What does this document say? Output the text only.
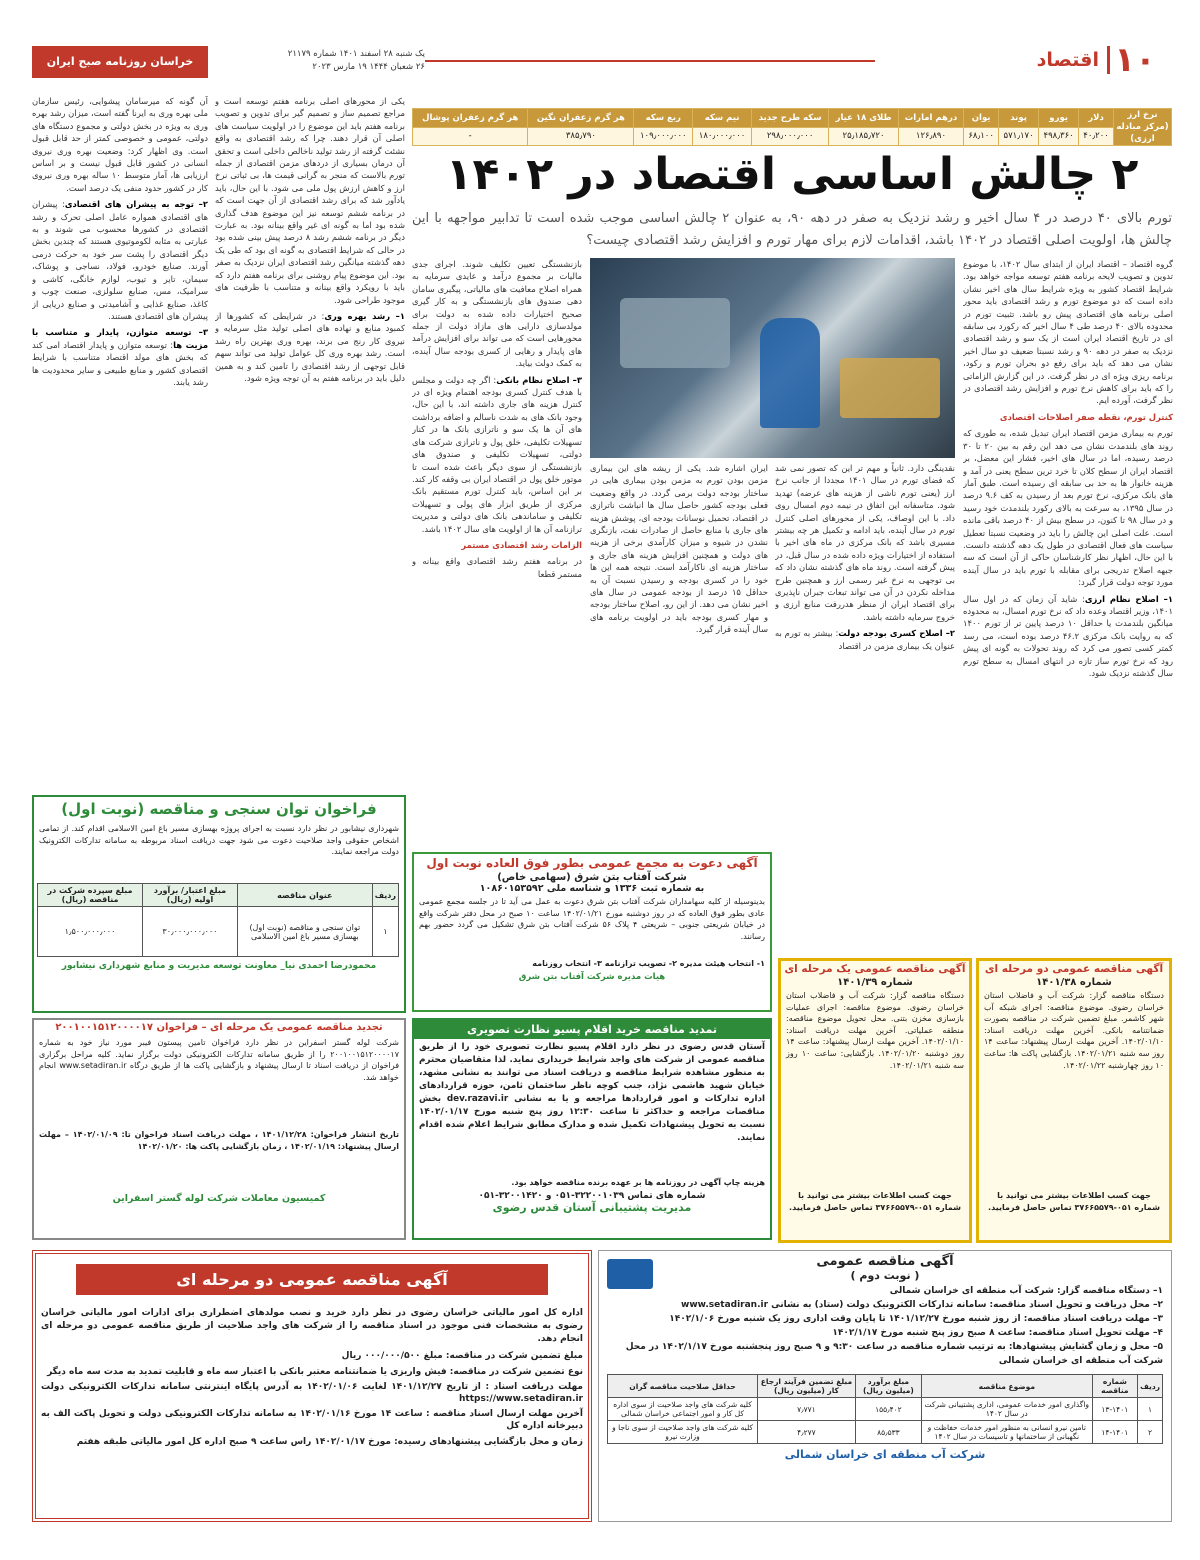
۱۰
اقتصاد
یک شنبه ۲۸ اسفند ۱۴۰۱ شماره ۲۱۱۷۹
۲۶ شعبان ۱۴۴۴ ۱۹ مارس ۲۰۲۳
خراسان روزنامه صبح ایران
نرخ ارز (مرکز مبادله ارزی)	دلار	یورو	پوند	یوان	درهم امارات	طلای ۱۸ عیار	سکه طرح جدید	نیم سکه	ربع سکه	هر گرم زعفران نگین	هر گرم زعفران پوشال
	۴۰٫۲۰۰	۴۹۸٫۳۶۰	۵۷۱٫۱۷۰	۶۸٫۱۰۰	۱۲۶٫۸۹۰	۲۵٫۱۸۵٫۷۲۰	۲۹۸٫۰۰۰٫۰۰۰	۱۸۰٫۰۰۰٫۰۰۰	۱۰۹٫۰۰۰٫۰۰۰	۳۸۵٫۷۹۰	-
۲ چالش اساسی اقتصاد در ۱۴۰۲
تورم بالای ۴۰ درصد در ۴ سال اخیر و رشد نزدیک به صفر در دهه ۹۰، به عنوان ۲ چالش اساسی موجب شده است تا تدابیر مواجهه با این چالش ها، اولویت اصلی اقتصاد در ۱۴۰۲ باشد، اقدامات لازم برای مهار تورم و افزایش رشد اقتصادی چیست؟

گروه اقتصاد – اقتصاد ایران از ابتدای سال ۱۴۰۲، با موضوع تدوین و تصویب لایحه برنامه هفتم توسعه مواجه خواهد بود. شرایط اقتصاد کشور به ویژه شرایط سال های اخیر نشان داده است که دو موضوع تورم و رشد اقتصادی باید محور اصلی برنامه های اقتصادی پیش رو باشد. تثبیت تورم در محدوده بالای ۴۰ درصد طی ۴ سال اخیر که رکورد بی سابقه ای در تاریخ اقتصاد ایران است از یک سو و رشد اقتصادی نزدیک به صفر در دهه ۹۰ و رشد نسبتا ضعیف دو سال اخیر نشان می دهد که باید برای رفع دو بحران تورم و رکود، برنامه ریزی ویژه ای در نظر گرفت. در این گزارش الزاماتی را که باید برای کاهش نرخ تورم و افزایش رشد اقتصادی در نظر گرفت، آورده ایم.

کنترل تورم، نقطه صفر اصلاحات اقتصادی

تورم به بیماری مزمن اقتصاد ایران تبدیل شده، به طوری که روند های بلندمدت نشان می دهد این رقم به بین ۲۰ تا ۳۰ درصد رسیده، اما در سال های اخیر، فشار این معضل، بر اقتصاد ایران از سطح کلان تا خرد ترین سطح یعنی در آمد و هزینه خانوار ها به حد بی سابقه ای رسیده است. طبق آمار های بانک مرکزی، نرخ تورم بعد از رسیدن به کف ۹.۶ درصد در سال ۱۳۹۵، به سرعت به بالای رکورد بلندمدت خود رسید و در سال ۹۸ تا کنون، در سطح بیش از ۴۰ درصد باقی مانده است. علت اصلی این چالش را باید در وضعیت نسبتا تعطیل سیاست های فعال اقتصادی در طول یک دهه گذشته دانست. با این حال، اظهار نظر کارشناسان حاکی از آن است که سه جبهه اصلاح تدریجی برای مقابله با تورم باید در سال آینده مورد توجه دولت قرار گیرد:

۱– اصلاح نظام ارزی: شاید آن زمان که در اول سال ۱۴۰۱، وزیر اقتصاد وعده داد که نرخ تورم امسال، به محدوده میانگین بلندمدت یا حداقل ۱۰ درصد پایین تر از تورم ۱۴۰۰ که به روایت بانک مرکزی ۴۶.۲ درصد بوده است، می رسد کمتر کسی تصور می کرد که روند تحولات به گونه ای پیش رود که نرخ تورم ساز تازه در انتهای امسال به سطح تورم سال گذشته نزدیک شود.

نقدینگی دارد. ثانیاً و مهم تر این که تصور نمی شد که فضای تورم در سال ۱۴۰۱ مجددا از جانب نرخ ارز (یعنی تورم ناشی از هزینه های عرضه) تهدید شود. متاسفانه این اتفاق در نیمه دوم امسال روی داد. با این اوصاف، یکی از محورهای اصلی کنترل تورم در سال آینده، باید ادامه و تکمیل هر چه بیشتر مسیری باشد که بانک مرکزی در ماه های اخیر با استفاده از اختیارات ویژه داده شده در سال قبل، در پیش گرفته است. روند ماه های گذشته نشان داد که بی توجهی به نرخ غیر رسمی ارز و همچنین طرح مداخله نکردن در آن می تواند تبعات جبران ناپذیری برای اقتصاد ایران از منظر هدررفت منابع ارزی و خروج سرمایه داشته باشد.

۲– اصلاح کسری بودجه دولت: بیشتر به تورم به عنوان یک بیماری مزمن در اقتصاد

ایران اشاره شد. یکی از ریشه های این بیماری مزمن بودن تورم به مزمن بودن بیماری هایی در ساختار بودجه دولت برمی گردد. در واقع وضعیت فعلی بودجه کشور حاصل سال ها انباشت ناترازی در اقتصاد، تحمیل نوسانات بودجه ای، پوشش هزینه های جاری با منابع حاصل از صادرات نفت، بازنگری نشدن در شیوه و میزان کارآمدی برخی از هزینه های دولت و همچنین افزایش هزینه های جاری و ساختار هزینه ای ناکارآمد است. نتیجه همه این ها خود را در کسری بودجه و رسیدن نسبت آن به حداقل ۱۵ درصد از بودجه عمومی در سال های اخیر نشان می دهد. از این رو، اصلاح ساختار بودجه و مهار کسری بودجه باید در اولویت برنامه های سال آینده قرار گیرد.

بازنشستگی تعیین تکلیف شوند. اجرای جدی مالیات بر مجموع درآمد و عایدی سرمایه به همراه اصلاح معافیت های مالیاتی، پیگیری سامان دهی صندوق های بازنشستگی و به کار گیری صحیح اختیارات داده شده به دولت برای مولدسازی دارایی های مازاد دولت از جمله محورهایی است که می تواند برای افزایش درآمد های پایدار و رهایی از کسری بودجه سال آینده، به کمک دولت بیاید.

۳– اصلاح نظام بانکی: اگر چه دولت و مجلس با هدف کنترل کسری بودجه اهتمام ویژه ای در کنترل هزینه های جاری داشته اند، با این حال، وجود بانک های به شدت ناسالم و اضافه برداشت های آن ها یک سو و ناترازی بانک ها در کنار تسهیلات تکلیفی، خلق پول و ناترازی شرکت های دولتی، تسهیلات تکلیفی و صندوق های بازنشستگی از سوی دیگر باعث شده است تا موتور خلق پول در اقتصاد ایران بی وقفه کار کند. بر این اساس، باید کنترل تورم مستقیم بانک مرکزی از طریق ابزار های پولی و تسهیلات تکلیفی و ساماندهی بانک های دولتی و مدیریت ترازنامه آن ها از اولویت های سال ۱۴۰۲ باشد.

الزامات رشد اقتصادی مستمر

در برنامه هفتم رشد اقتصادی واقع بینانه و مستمر قطعا

یکی از محورهای اصلی برنامه هفتم توسعه است و مراجع تصمیم ساز و تصمیم گیر برای تدوین و تصویب برنامه هفتم باید این موضوع را در اولویت سیاست های اصلی آن قرار دهند. چرا که رشد اقتصادی به واقع نشئت گرفته از رشد تولید ناخالص داخلی است و تحقق آن درمان بسیاری از دردهای مزمن اقتصادی از جمله تورم بالاست که منجر به گرانی قیمت ها، بی ثباتی نرخ ارز و کاهش ارزش پول ملی می شود. با این حال، باید یادآور شد که برای رشد اقتصادی از آن جهت است که در برنامه ششم توسعه نیز این موضوع هدف گذاری شده بود اما به گونه ای غیر واقع بینانه بود. به عبارت دیگر در برنامه ششم رشد ۸ درصد پیش بینی شده بود در حالی که شرایط اقتصادی به گونه ای بود که طی یک دهه گذشته میانگین رشد اقتصادی ایران نزدیک به صفر بود. این موضوع پیام روشنی برای برنامه هفتم دارد که باید با رویکرد واقع بینانه و متناسب با ظرفیت های موجود طراحی شود.

۱– رشد بهره وری: در شرایطی که کشورها از کمبود منابع و نهاده های اصلی تولید مثل سرمایه و نیروی کار رنج می برند، بهره وری بهترین راه رشد است. رشد بهره وری کل عوامل تولید می تواند سهم قابل توجهی از رشد اقتصادی را تامین کند و به همین دلیل باید در برنامه هفتم به آن توجه ویژه شود.

آن گونه که میرسامان پیشوایی، رئیس سازمان ملی بهره وری به ایرنا گفته است، میزان رشد بهره وری به ویژه در بخش دولتی و مجموع دستگاه های دولتی، عمومی و خصوصی کمتر از حد قابل قبول است. وی اظهار کرد: وضعیت بهره وری نیروی انسانی در کشور قابل قبول نیست و بر اساس ارزیابی ها، آمار متوسط ۱۰ ساله بهره وری نیروی کار در کشور حدود منفی یک درصد است.

۲– توجه به پیشران های اقتصادی: پیشران های اقتصادی همواره عامل اصلی تحرک و رشد اقتصادی در کشورها محسوب می شوند و به عبارتی به مثابه لکوموتیوی هستند که چندین بخش دیگر اقتصادی را پشت سر خود به حرکت درمی آورند. صنایع خودرو، فولاد، نساجی و پوشاک، سیمان، تایر و تیوب، لوازم خانگی، کاشی و سرامیک، مس، صنایع سلولزی، صنعت چوب و کاغذ، صنایع غذایی و آشامیدنی و صنایع دریایی از پیشران های اقتصادی هستند.

۳– توسعه متوازن، پایدار و متناسب با مزیت ها: توسعه متوازن و پایدار اقتصاد امی کند که بخش های مولد اقتصاد متناسب با شرایط اقتصادی کشور و منابع طبیعی و سایر محدودیت ها رشد یابند.

فراخوان توان سنجی و مناقصه (نوبت اول)
شهرداری نیشابور در نظر دارد نسبت به اجرای پروژه بهسازی مسیر باغ امین الاسلامی اقدام کند. از تمامی اشخاص حقوقی واجد صلاحیت دعوت می شود جهت دریافت اسناد مربوطه به سامانه تدارکات الکترونیک دولت مراجعه نمایند.
ردیف	عنوان مناقصه	مبلغ اعتبار/ برآورد اولیه (ریال)	مبلغ سپرده شرکت در مناقصه (ریال)
۱	توان سنجی و مناقصه (نوبت اول) بهسازی مسیر باغ امین الاسلامی	۳۰٫۰۰۰٫۰۰۰٫۰۰۰	۱٫۵۰۰٫۰۰۰٫۰۰۰
محمودرضا احمدی نیا_ معاونت توسعه مدیریت و منابع شهرداری نیشابور
آگهی دعوت به مجمع عمومی بطور فوق العاده نوبت اول
شرکت آفتاب بتن شرق (سهامی خاص)
به شماره ثبت ۱۳۳۶ و شناسه ملی ۱۰۸۶۰۱۵۳۵۹۲
بدینوسیله از کلیه سهامداران شرکت آفتاب بتن شرق دعوت به عمل می آید تا در جلسه مجمع عمومی عادی بطور فوق العاده که در روز دوشنبه مورخ ۱۴۰۲/۰۱/۲۱ ساعت ۱۰ صبح در محل دفتر شرکت واقع در خیابان شریعتی جنوبی – شریعتی ۴ پلاک ۵۶ شرکت آفتاب بتن شرق تشکیل می گردد حضور بهم رسانند.
۱- انتخاب هیئت مدیره ۲- تصویب ترازنامه ۳- انتخاب روزنامه
هیات مدیره شرکت آفتاب بتن شرق
تمدید مناقصه خرید اقلام پسیو نظارت تصویری
آستان قدس رضوی در نظر دارد اقلام پسیو نظارت تصویری خود را از طریق مناقصه عمومی از شرکت های واجد شرایط خریداری نماید. لذا متقاضیان محترم به منظور مشاهده شرایط مناقصه و دریافت اسناد می توانند به نشانی مشهد، خیابان شهید هاشمی نژاد، جنب کوچه ناظر ساختمان ثامن، حوزه قراردادهای اداره تدارکات و امور قراردادها مراجعه و یا به نشانی dev.razavi.ir بخش مناقصات مراجعه و حداکثر تا ساعت ۱۲:۳۰ روز پنج شنبه مورخ ۱۴۰۲/۰۱/۱۷ نسبت به تحویل پیشنهادات تکمیل شده و مدارک مطابق شرایط اعلام شده اقدام نمایند.
هزینه چاپ آگهی در روزنامه ها بر عهده برنده مناقصه خواهد بود.
شماره های تماس ۳۲۲۰۰۱۰۳۹-۰۵۱ و ۳۲۰۰۱۴۲۰-۰۵۱
مدیریت پشتیبانی آستان قدس رضوی
تجدید مناقصه عمومی یک مرحله ای – فراخوان ۲۰۰۱۰۰۱۵۱۲۰۰۰۰۱۷
شرکت لوله گستر اسفراین در نظر دارد فراخوان تامین پیستون فیبر مورد نیاز خود به شماره ۲۰۰۱۰۰۱۵۱۲۰۰۰۰۱۷ را از طریق سامانه تدارکات الکترونیکی دولت برگزار نماید. کلیه مراحل برگزاری فراخوان از دریافت اسناد تا ارسال پیشنهاد و بازگشایی پاکت ها از طریق درگاه www.setadiran.ir انجام خواهد شد.
تاریخ انتشار فراخوان: ۱۴۰۱/۱۲/۲۸ ، مهلت دریافت اسناد فراخوان تا: ۱۴۰۲/۰۱/۰۹ – مهلت ارسال پیشنهاد: ۱۴۰۲/۰۱/۱۹ ، زمان بازگشایی پاکت ها: ۱۴۰۲/۰۱/۲۰
کمیسیون معاملات شرکت لوله گستر اسفراین
آگهی مناقصه عمومی دو مرحله ای
شماره ۱۴۰۱/۳۸
دستگاه مناقصه گزار: شرکت آب و فاضلاب استان خراسان رضوی. موضوع مناقصه: اجرای شبکه آب شهر کاشمر. مبلغ تضمین شرکت در مناقصه بصورت ضمانتنامه بانکی. آخرین مهلت دریافت اسناد: ۱۴۰۲/۰۱/۱۰. آخرین مهلت ارسال پیشنهاد: ساعت ۱۴ روز سه شنبه ۱۴۰۲/۰۱/۲۱. بازگشایی پاکت ها: ساعت ۱۰ روز چهارشنبه ۱۴۰۲/۰۱/۲۲.
جهت کسب اطلاعات بیشتر می توانید با شماره ۰۵۱-۳۷۶۶۵۵۷۹ تماس حاصل فرمایید.
آگهی مناقصه عمومی یک مرحله ای
شماره ۱۴۰۱/۳۹
دستگاه مناقصه گزار: شرکت آب و فاضلاب استان خراسان رضوی. موضوع مناقصه: اجرای عملیات بازسازی مخزن بتنی. محل تحویل موضوع مناقصه: منطقه عملیاتی. آخرین مهلت دریافت اسناد: ۱۴۰۲/۰۱/۱۰. آخرین مهلت ارسال پیشنهاد: ساعت ۱۴ روز دوشنبه ۱۴۰۲/۰۱/۲۰. بازگشایی: ساعت ۱۰ روز سه شنبه ۱۴۰۲/۰۱/۲۱.
جهت کسب اطلاعات بیشتر می توانید با شماره ۰۵۱-۳۷۶۶۵۵۷۹ تماس حاصل فرمایید.
آگهی مناقصه عمومی دو مرحله ای
اداره کل امور مالیاتی خراسان رضوی در نظر دارد خرید و نصب مولدهای اضطراری برای ادارات امور مالیاتی خراسان رضوی به مشخصات فنی موجود در اسناد مناقصه را از شرکت های واجد صلاحیت از طریق مناقصه عمومی دو مرحله ای انجام دهد.
مبلغ تضمین شرکت در مناقصه: مبلغ ۰۰۰/۰۰۰/۵۰۰ ریال
نوع تضمین شرکت در مناقصه: فیش واریزی یا ضمانتنامه معتبر بانکی با اعتبار سه ماه و قابلیت تمدید به مدت سه ماه دیگر
مهلت دریافت اسناد : از تاریخ ۱۴۰۱/۱۲/۲۷ لغایت ۱۴۰۲/۰۱/۰۶ به آدرس پایگاه اینترنتی سامانه تدارکات الکترونیکی دولت https://www.setadiran.ir
آخرین مهلت ارسال اسناد مناقصه : ساعت ۱۴ مورخ ۱۴۰۲/۰۱/۱۶ به سامانه تدارکات الکترونیکی دولت و تحویل پاکت الف به دبیرخانه اداره کل
زمان و محل بازگشایی پیشنهادهای رسیده: مورخ ۱۴۰۲/۰۱/۱۷ راس ساعت ۹ صبح اداره کل امور مالیاتی طبقه هفتم
آگهی مناقصه عمومی
( نوبت دوم )
۱– دستگاه مناقصه گزار: شرکت آب منطقه ای خراسان شمالی
۲– محل دریافت و تحویل اسناد مناقصه: سامانه تدارکات الکترونیک دولت (ستاد) به نشانی www.setadiran.ir
۳– مهلت دریافت اسناد مناقصه: از روز شنبه مورخ ۱۴۰۱/۱۲/۲۷ تا پایان وقت اداری روز یک شنبه مورخ ۱۴۰۲/۱/۰۶
۴– مهلت تحویل اسناد مناقصه: ساعت ۸ صبح روز پنج شنبه مورخ ۱۴۰۲/۱/۱۷
۵– محل و زمان گشایش پیشنهادها: به ترتیب شماره مناقصه در ساعت ۹:۳۰ و ۹ صبح روز پنجشنبه مورخ ۱۴۰۲/۱/۱۷ در محل شرکت آب منطقه ای خراسان شمالی
ردیف	شماره مناقصه	موضوع مناقصه	مبلغ برآورد (میلیون ریال)	مبلغ تضمین فرآیند ارجاع کار (میلیون ریال)	حداقل صلاحیت مناقصه گران
۱	۱۳-۱۴۰۱	واگذاری امور خدمات عمومی، اداری پشتیبانی شرکت در سال ۱۴۰۲	۱۵۵٫۴۰۲	۷٫۷۷۱	کلیه شرکت های واجد صلاحیت از سوی اداره کل کار و امور اجتماعی خراسان شمالی
۲	۱۴-۱۴۰۱	تامین نیرو انسانی به منظور امور خدمات حفاظت و نگهبانی از ساختمانها و تاسیسات در سال ۱۴۰۲	۸۵٫۵۳۳	۴٫۲۷۷	کلیه شرکت های واجد صلاحیت از سوی ناجا و وزارت نیرو
شرکت آب منطقه ای خراسان شمالی
